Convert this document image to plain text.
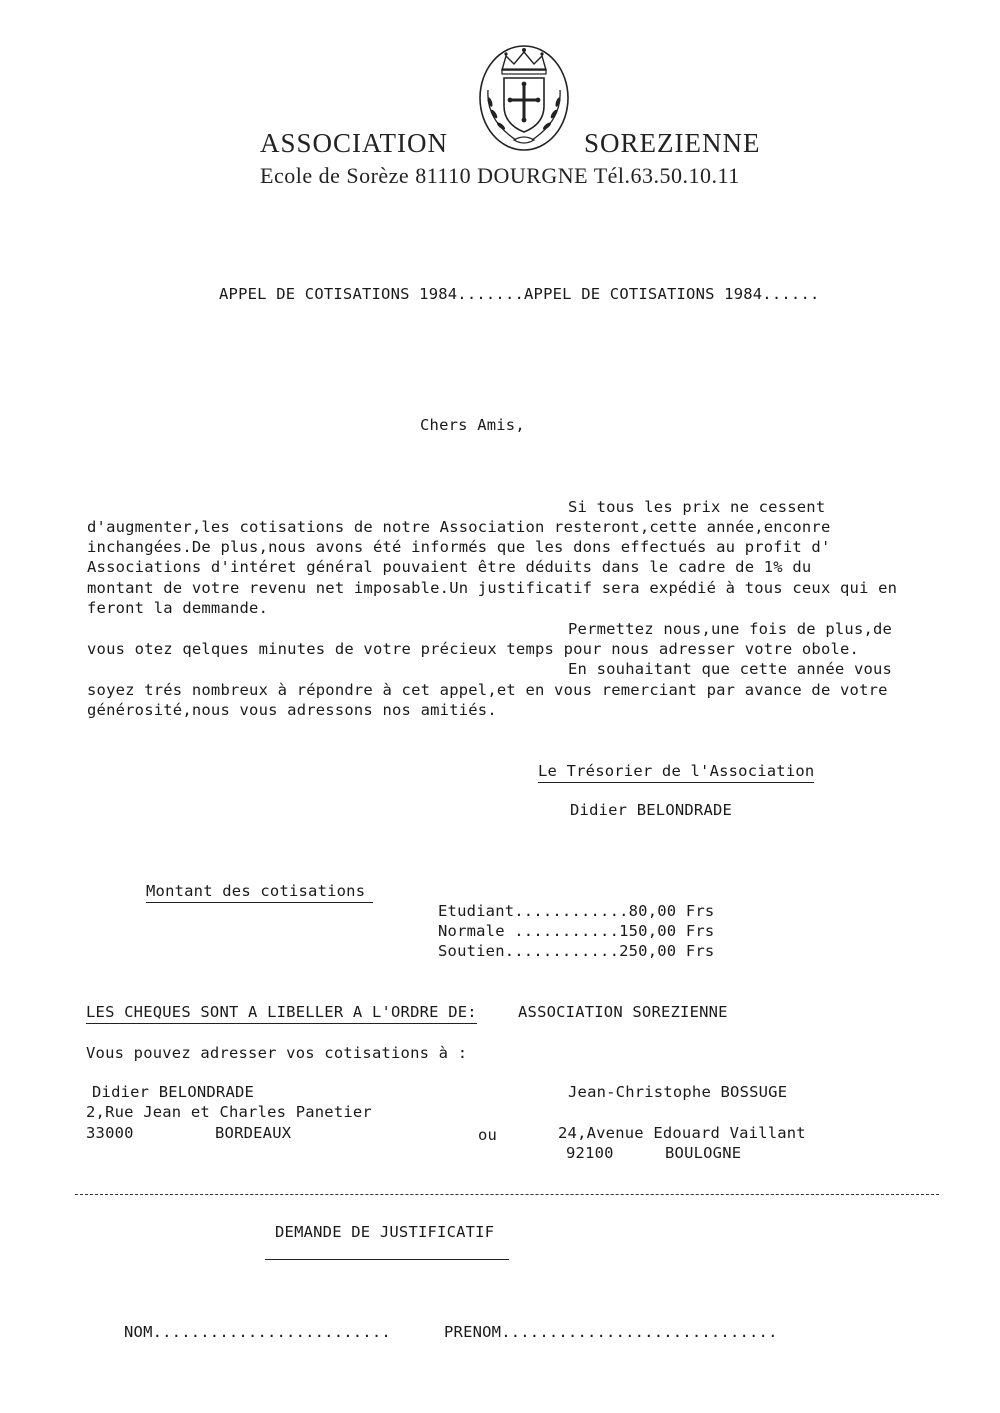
ASSOCIATION	SOREZIENNE
Ecole de Sorèze 81110 DOURGNE Tél.63.50.10.11
APPEL DE COTISATIONS 1984.......APPEL DE COTISATIONS 1984......
Chers Amis,
Si tous les prix ne cessent
d'augmenter,les cotisations de notre Association resteront,cette année,enconre
inchangées.De plus,nous avons été informés que les dons effectués au profit d'
Associations d'intéret général pouvaient être déduits dans le cadre de 1% du
montant de votre revenu net imposable.Un justificatif sera expédié à tous ceux qui en
feront la demmande.
Permettez nous,une fois de plus,de
vous otez qelques minutes de votre précieux temps pour nous adresser votre obole.
En souhaitant que cette année vous
soyez trés nombreux à répondre à cet appel,et en vous remerciant par avance de votre
générosité,nous vous adressons nos amitiés.
Le Trésorier de l'Association
Didier BELONDRADE
Montant des cotisations
Etudiant............80,00 Frs
Normale ...........150,00 Frs
Soutien............250,00 Frs
LES CHEQUES SONT A LIBELLER A L'ORDRE DE:	ASSOCIATION SOREZIENNE
Vous pouvez adresser vos cotisations à :
Didier BELONDRADE
2,Rue Jean et Charles Panetier
33000	BORDEAUX	ou
Jean-Christophe BOSSUGE
24,Avenue Edouard Vaillant
92100	BOULOGNE
DEMANDE DE JUSTIFICATIF
NOM.........................	PRENOM.............................
